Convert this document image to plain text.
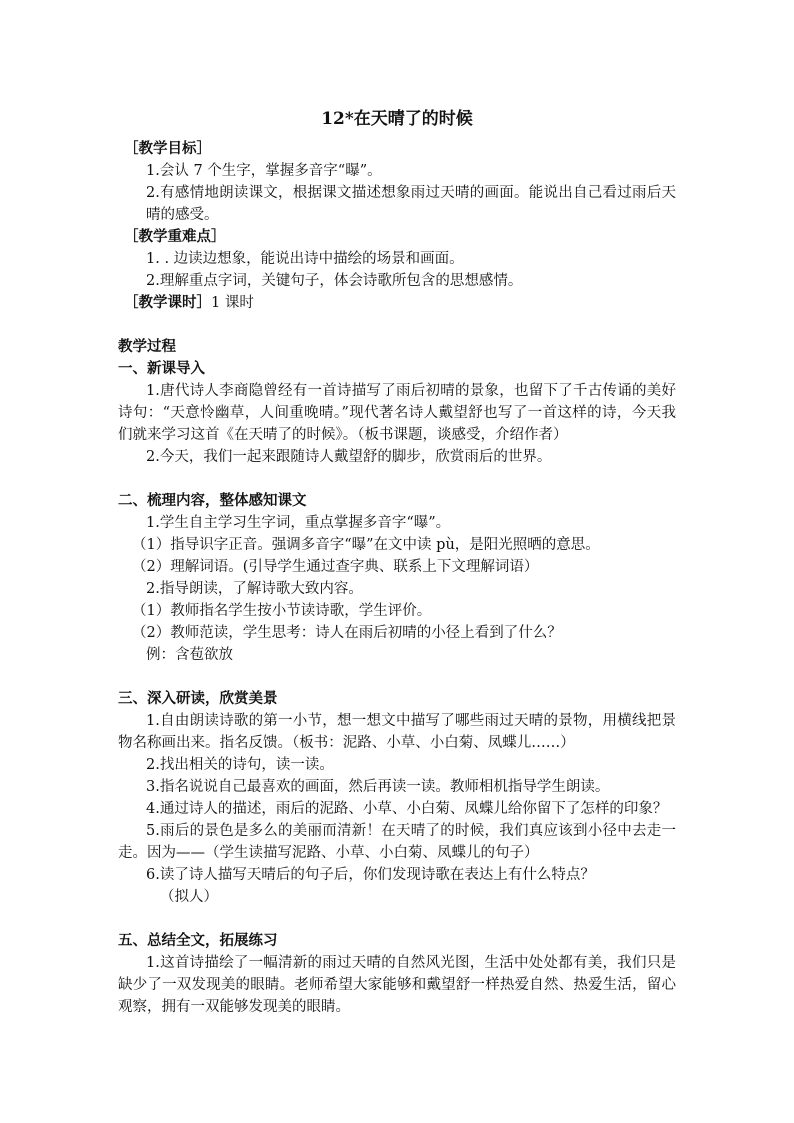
12*在天晴了的时候
［教学目标］
1.会认 7 个生字，掌握多音字“曝”。
2.有感情地朗读课文，根据课文描述想象雨过天晴的画面。能说出自己看过雨后天晴的感受。
［教学重难点］
1. . 边读边想象，能说出诗中描绘的场景和画面。
2.理解重点字词，关键句子，体会诗歌所包含的思想感情。
［教学课时］1 课时
教学过程
一、新课导入
1.唐代诗人李商隐曾经有一首诗描写了雨后初晴的景象，也留下了千古传诵的美好诗句：“天意怜幽草，人间重晚晴。”现代著名诗人戴望舒也写了一首这样的诗，今天我们就来学习这首《在天晴了的时候》。（板书课题，谈感受，介绍作者）
2.今天，我们一起来跟随诗人戴望舒的脚步，欣赏雨后的世界。
二、梳理内容，整体感知课文
1.学生自主学习生字词，重点掌握多音字“曝”。
（1）指导识字正音。强调多音字“曝”在文中读 pù，是阳光照晒的意思。
（2）理解词语。(引导学生通过查字典、联系上下文理解词语）
2.指导朗读，了解诗歌大致内容。
（1）教师指名学生按小节读诗歌，学生评价。
（2）教师范读，学生思考：诗人在雨后初晴的小径上看到了什么？
例：含苞欲放
三、深入研读，欣赏美景
1.自由朗读诗歌的第一小节，想一想文中描写了哪些雨过天晴的景物，用横线把景物名称画出来。指名反馈。（板书：泥路、小草、小白菊、凤蝶儿……）
2.找出相关的诗句，读一读。
3.指名说说自己最喜欢的画面，然后再读一读。教师相机指导学生朗读。
4.通过诗人的描述，雨后的泥路、小草、小白菊、凤蝶儿给你留下了怎样的印象？
5.雨后的景色是多么的美丽而清新！在天晴了的时候，我们真应该到小径中去走一走。因为——（学生读描写泥路、小草、小白菊、凤蝶儿的句子）
6.读了诗人描写天晴后的句子后，你们发现诗歌在表达上有什么特点？
（拟人）
五、总结全文，拓展练习
1.这首诗描绘了一幅清新的雨过天晴的自然风光图，生活中处处都有美，我们只是缺少了一双发现美的眼睛。老师希望大家能够和戴望舒一样热爱自然、热爱生活，留心观察，拥有一双能够发现美的眼睛。
